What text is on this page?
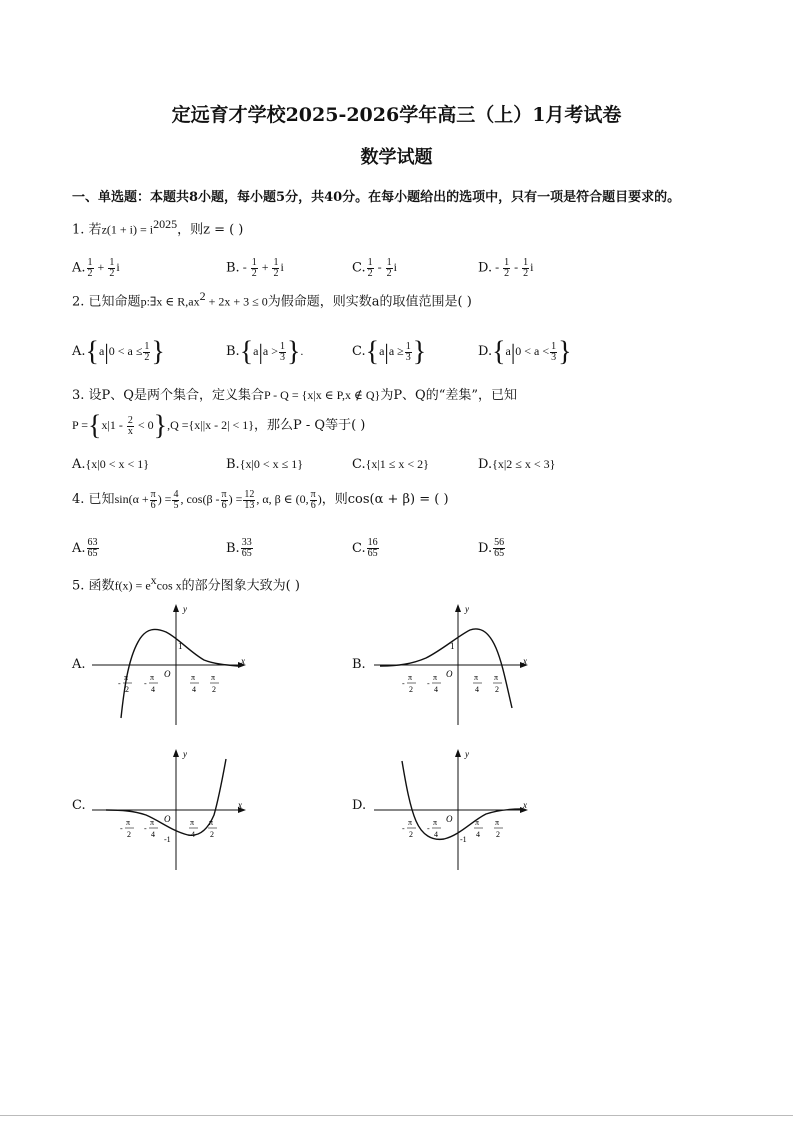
定远育才学校2025-2026学年高三（上）1月考试卷
数学试题
一、单选题：本题共8小题，每小题5分，共40分。在每小题给出的选项中，只有一项是符合题目要求的。
1. 若$z(1 + i) = i^{2025}$，则z = ( )
A. $\frac{1}{2} + \frac{1}{2}$ i	B. - $\frac{1}{2} + \frac{1}{2}$ i	C. $\frac{1}{2} - \frac{1}{2}$ i	D. - $\frac{1}{2} - \frac{1}{2}$ i
2. 已知命题p:∃x ∈ $R,ax^2 + 2x + 3 \le 0$为假命题，则实数a的取值范围是( )
$A.\{a|0 < a \le \frac{1}{2}$ }	$B.\{a|a > \frac{1}{3}$ }.	$C.\{a|a \ge \frac{1}{3}$ }	$D.\{a|0 < a < \frac{1}{3}$ }
3. 设P、Q是两个集合，定义集合P - Q = {x|x ∈ P,x ∉ Q}为P、Q的“差集”，已知
$P =\{x|1 - \frac{2}{x} < 0\},Q =\{x||x - 2| < 1\}$，那么P - Q等于( )
A.{x|0 < x < 1}	B.{x|0 < x ≤ 1}	C.{x|1 ≤ x < 2}	D.{x|2 ≤ x < 3}
4. 已知$\sin(\alpha + \frac{\pi}{6}$ ) = $\frac{4}{5}$ , $\cos(\beta - \frac{\pi}{6}$ ) = $\frac{12}{13}$ , α, β ∈ (0, $\frac{\pi}{6}$ )，则cos(α + β) = ( )
A. $\frac{63}{65}$	B. $\frac{33}{65}$	C. $\frac{16}{65}$	D. $\frac{56}{65}$
5. 函数$f(x) = e^x\cos$ x的部分图象大致为( )
A.	B.
C.	D.
y
x
O
1
π
-
2
π
-
4
π
4
π
2
y
x
O
1
π
-
2
π
-
4
π
4
π
2
y
x
O
-1
π
-
2
π
-
4
π
4
π
2
y
x
O
-1
π
-
2
π
-
4
π
4
π
2
